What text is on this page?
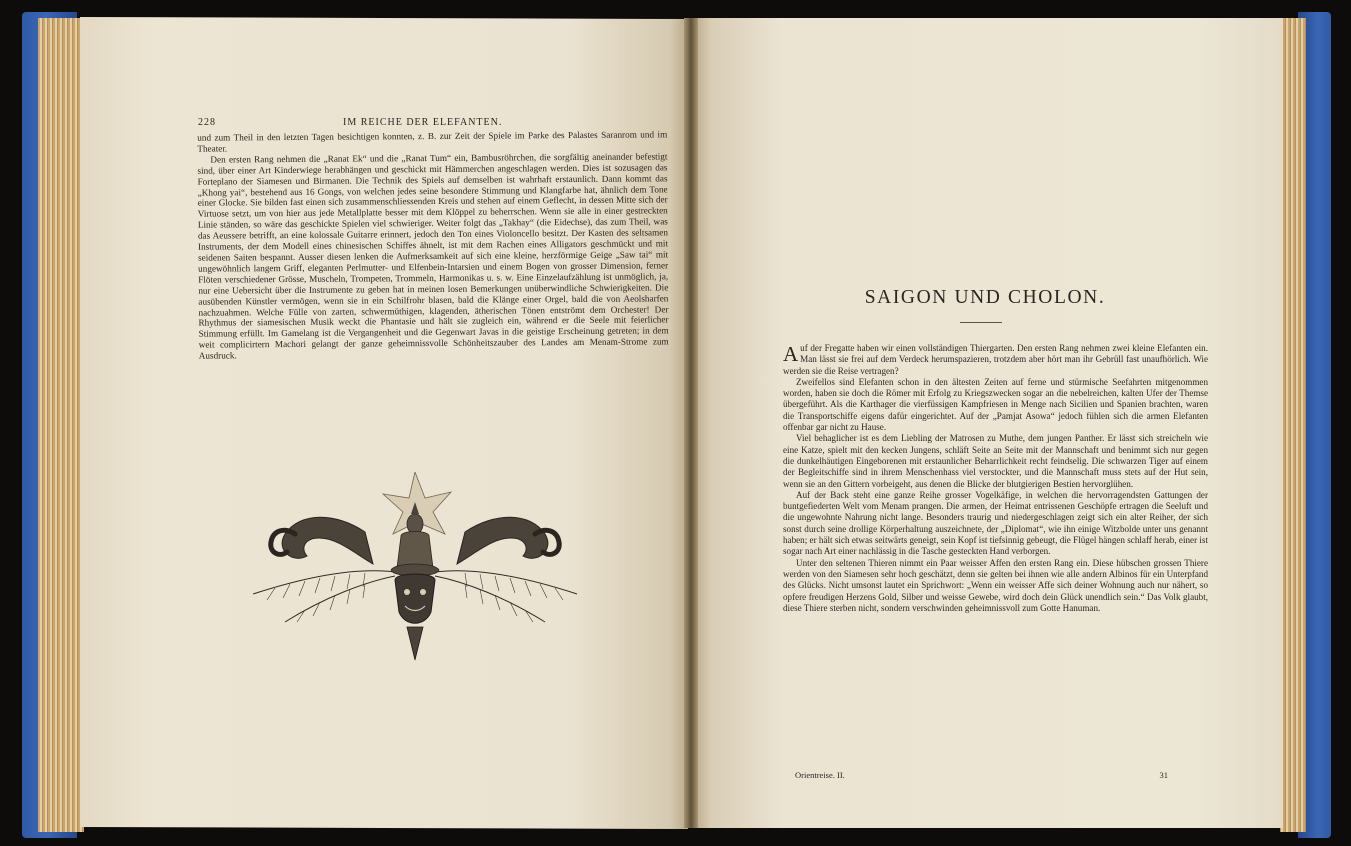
228	IM REICHE DER ELEFANTEN.

und zum Theil in den letzten Tagen besichtigen konnten, z. B. zur Zeit der Spiele im Parke des Palastes Saranrom und im Theater.

Den ersten Rang nehmen die „Ranat Ek“ und die „Ranat Tum“ ein, Bambusröhrchen, die sorgfältig aneinander befestigt sind, über einer Art Kinderwiege herabhängen und geschickt mit Hämmerchen angeschlagen werden. Dies ist sozusagen das Forteplano der Siamesen und Birmanen. Die Technik des Spiels auf demselben ist wahrhaft erstaunlich. Dann kommt das „Khong yai“, bestehend aus 16 Gongs, von welchen jedes seine besondere Stimmung und Klangfarbe hat, ähnlich dem Tone einer Glocke. Sie bilden fast einen sich zusammenschliessenden Kreis und stehen auf einem Geflecht, in dessen Mitte sich der Virtuose setzt, um von hier aus jede Metallplatte besser mit dem Klöppel zu beherrschen. Wenn sie alle in einer gestreckten Linie ständen, so wäre das geschickte Spielen viel schwieriger. Weiter folgt das „Takhay“ (die Eidechse), das zum Theil, was das Aeussere betrifft, an eine kolossale Guitarre erinnert, jedoch den Ton eines Violoncello besitzt. Der Kasten des seltsamen Instruments, der dem Modell eines chinesischen Schiffes ähnelt, ist mit dem Rachen eines Alligators geschmückt und mit seidenen Saiten bespannt. Ausser diesen lenken die Aufmerksamkeit auf sich eine kleine, herzförmige Geige „Saw tai“ mit ungewöhnlich langem Griff, eleganten Perlmutter- und Elfenbein-Intarsien und einem Bogen von grosser Dimension, ferner Flöten verschiedener Grösse, Muscheln, Trompeten, Trommeln, Harmonikas u. s. w. Eine Einzelaufzählung ist unmöglich, ja, nur eine Uebersicht über die Instrumente zu geben hat in meinen losen Bemerkungen unüberwindliche Schwierigkeiten. Die ausübenden Künstler vermögen, wenn sie in ein Schilfrohr blasen, bald die Klänge einer Orgel, bald die von Aeolsharfen nachzuahmen. Welche Fülle von zarten, schwermüthigen, klagenden, ätherischen Tönen entströmt dem Orchester! Der Rhythmus der siamesischen Musik weckt die Phantasie und hält sie zugleich ein, während er die Seele mit feierlicher Stimmung erfüllt. Im Gamelang ist die Vergangenheit und die Gegenwart Javas in die geistige Erscheinung getreten; in dem weit complicirtern Machori gelangt der ganze geheimnissvolle Schönheitszauber des Landes am Menam-Strome zum Ausdruck.

SAIGON UND CHOLON.

Auf der Fregatte haben wir einen vollständigen Thiergarten. Den ersten Rang nehmen zwei kleine Elefanten ein. Man lässt sie frei auf dem Verdeck herumspazieren, trotzdem aber hört man ihr Gebrüll fast unaufhörlich. Wie werden sie die Reise vertragen?

Zweifellos sind Elefanten schon in den ältesten Zeiten auf ferne und stürmische Seefahrten mitgenommen worden, haben sie doch die Römer mit Erfolg zu Kriegszwecken sogar an die nebelreichen, kalten Ufer der Themse übergeführt. Als die Karthager die vierfüssigen Kampfriesen in Menge nach Sicilien und Spanien brachten, waren die Transportschiffe eigens dafür eingerichtet. Auf der „Pamjat Asowa“ jedoch fühlen sich die armen Elefanten offenbar gar nicht zu Hause.

Viel behaglicher ist es dem Liebling der Matrosen zu Muthe, dem jungen Panther. Er lässt sich streicheln wie eine Katze, spielt mit den kecken Jungens, schläft Seite an Seite mit der Mannschaft und benimmt sich nur gegen die dunkelhäutigen Eingeborenen mit erstaunlicher Beharrlichkeit recht feindselig. Die schwarzen Tiger auf einem der Begleitschiffe sind in ihrem Menschenhass viel verstockter, und die Mannschaft muss stets auf der Hut sein, wenn sie an den Gittern vorbeigeht, aus denen die Blicke der blutgierigen Bestien hervorglühen.

Auf der Back steht eine ganze Reihe grosser Vogelkäfige, in welchen die hervorragendsten Gattungen der buntgefiederten Welt vom Menam prangen. Die armen, der Heimat entrissenen Geschöpfe ertragen die Seeluft und die ungewohnte Nahrung nicht lange. Besonders traurig und niedergeschlagen zeigt sich ein alter Reiher, der sich sonst durch seine drollige Körperhaltung auszeichnete, der „Diplomat“, wie ihn einige Witzbolde unter uns genannt haben; er hält sich etwas seitwärts geneigt, sein Kopf ist tiefsinnig gebeugt, die Flügel hängen schlaff herab, einer ist sogar nach Art einer nachlässig in die Tasche gesteckten Hand verborgen.

Unter den seltenen Thieren nimmt ein Paar weisser Affen den ersten Rang ein. Diese hübschen grossen Thiere werden von den Siamesen sehr hoch geschätzt, denn sie gelten bei ihnen wie alle andern Albinos für ein Unterpfand des Glücks. Nicht umsonst lautet ein Sprichwort: „Wenn ein weisser Affe sich deiner Wohnung auch nur nähert, so opfere freudigen Herzens Gold, Silber und weisse Gewebe, wird doch dein Glück unendlich sein.“ Das Volk glaubt, diese Thiere sterben nicht, sondern verschwinden geheimnissvoll zum Gotte Hanuman.

Orientreise. II.	31
